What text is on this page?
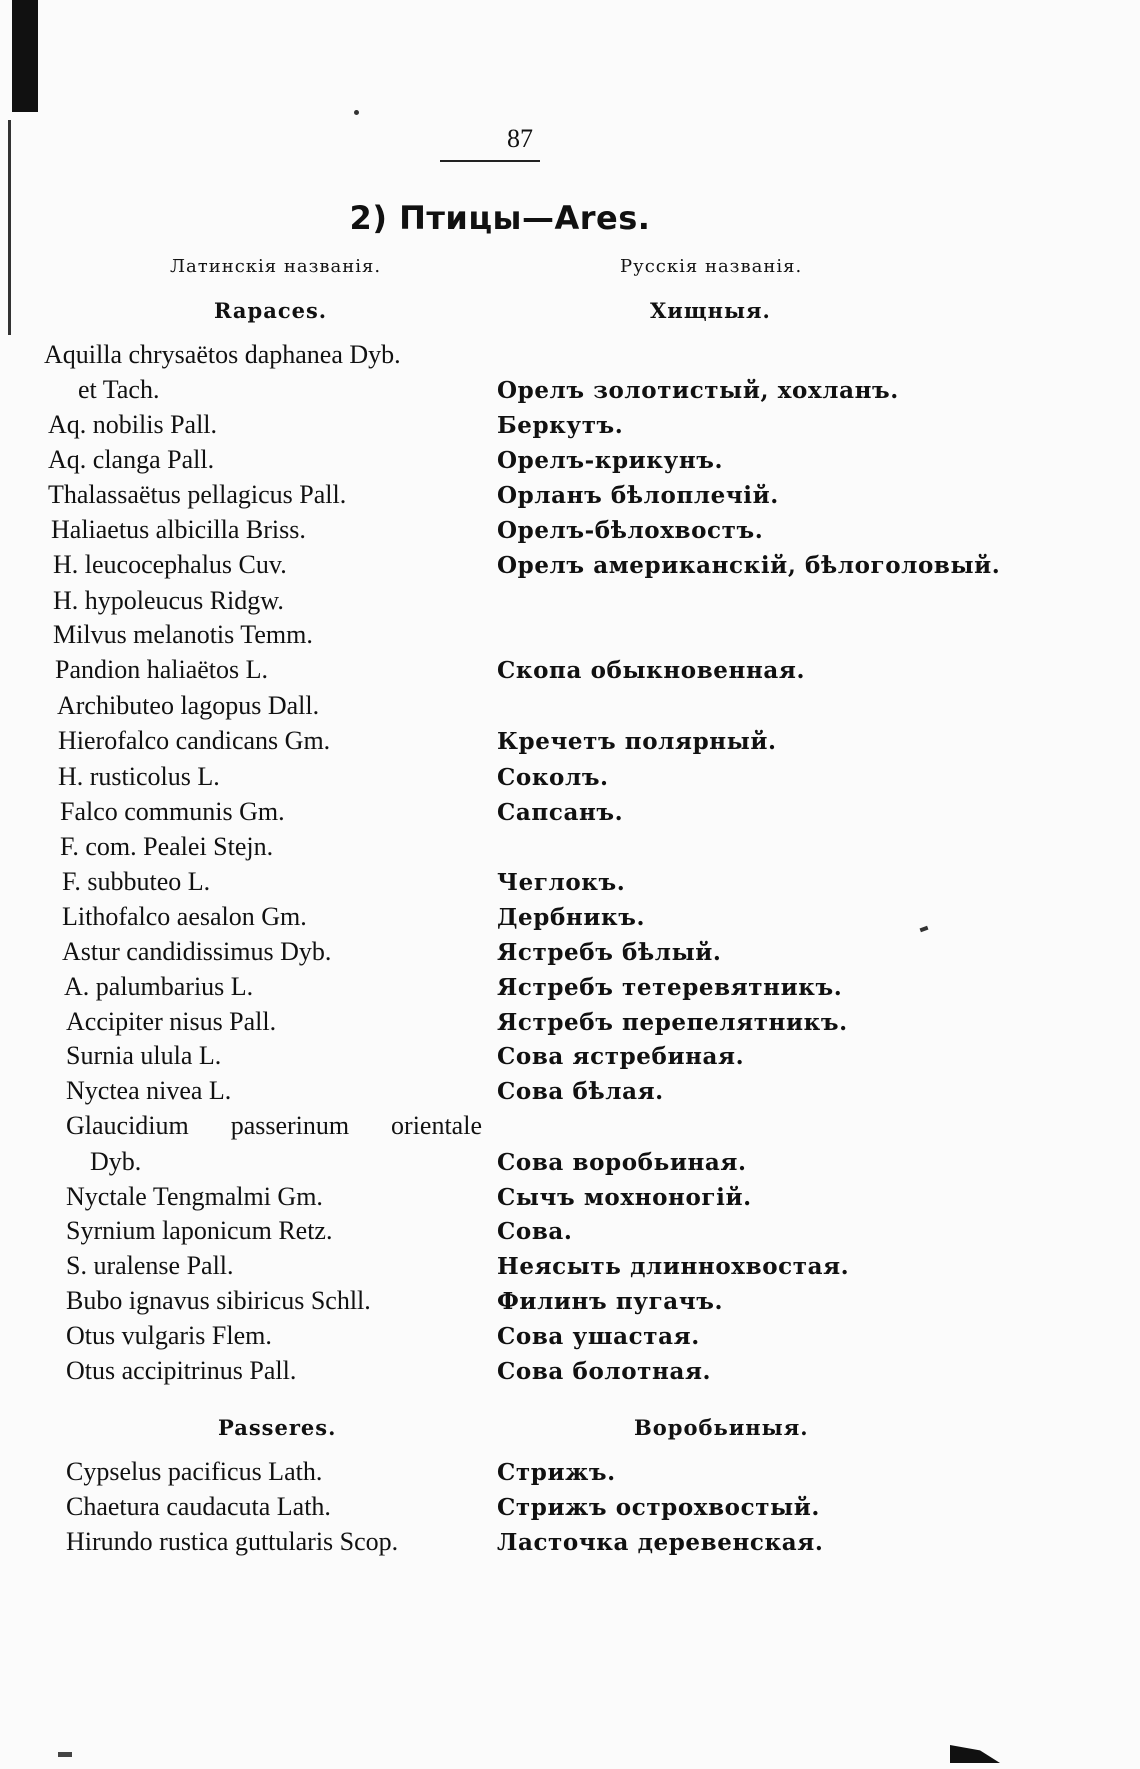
87
2) Птицы—Ares.
Латинскія названія.	Русскія названія.
Rapaces.	Хищныя.
Aquilla chrysaëtos daphanea Dyb.
et Tach.	Орелъ золотистый, хохланъ.
Aq. nobilis Pall.	Беркутъ.
Aq. clanga Pall.	Орелъ-крикунъ.
Thalassaëtus pellagicus Pall.	Орланъ бѣлоплечій.
Haliaetus albicilla Briss.	Орелъ-бѣлохвостъ.
H. leucocephalus Cuv.	Орелъ американскій, бѣлоголовый.
H. hypoleucus Ridgw.
Milvus melanotis Temm.
Pandion haliaëtos L.	Скопа обыкновенная.
Archibuteo lagopus Dall.
Hierofalco candicans Gm.	Кречетъ полярный.
H. rusticolus L.	Соколъ.
Falco communis Gm.	Сапсанъ.
F. com. Pealei Stejn.
F. subbuteo L.	Чеглокъ.
Lithofalco aesalon Gm.	Дербникъ.
Astur candidissimus Dyb.	Ястребъ бѣлый.
A. palumbarius L.	Ястребъ тетеревятникъ.
Accipiter nisus Pall.	Ястребъ перепелятникъ.
Surnia ulula L.	Сова ястребиная.
Nyctea nivea L.	Сова бѣлая.
Glaucidium passerinum orientale
Dyb.	Сова воробьиная.
Nyctale Tengmalmi Gm.	Сычъ мохноногій.
Syrnium laponicum Retz.	Сова.
S. uralense Pall.	Неясыть длиннохвостая.
Bubo ignavus sibiricus Schll.	Филинъ пугачъ.
Otus vulgaris Flem.	Сова ушастая.
Otus accipitrinus Pall.	Сова болотная.
Passeres.	Воробьиныя.
Cypselus pacificus Lath.	Стрижъ.
Chaetura caudacuta Lath.	Стрижъ острохвостый.
Hirundo rustica guttularis Scop.	Ласточка деревенская.
